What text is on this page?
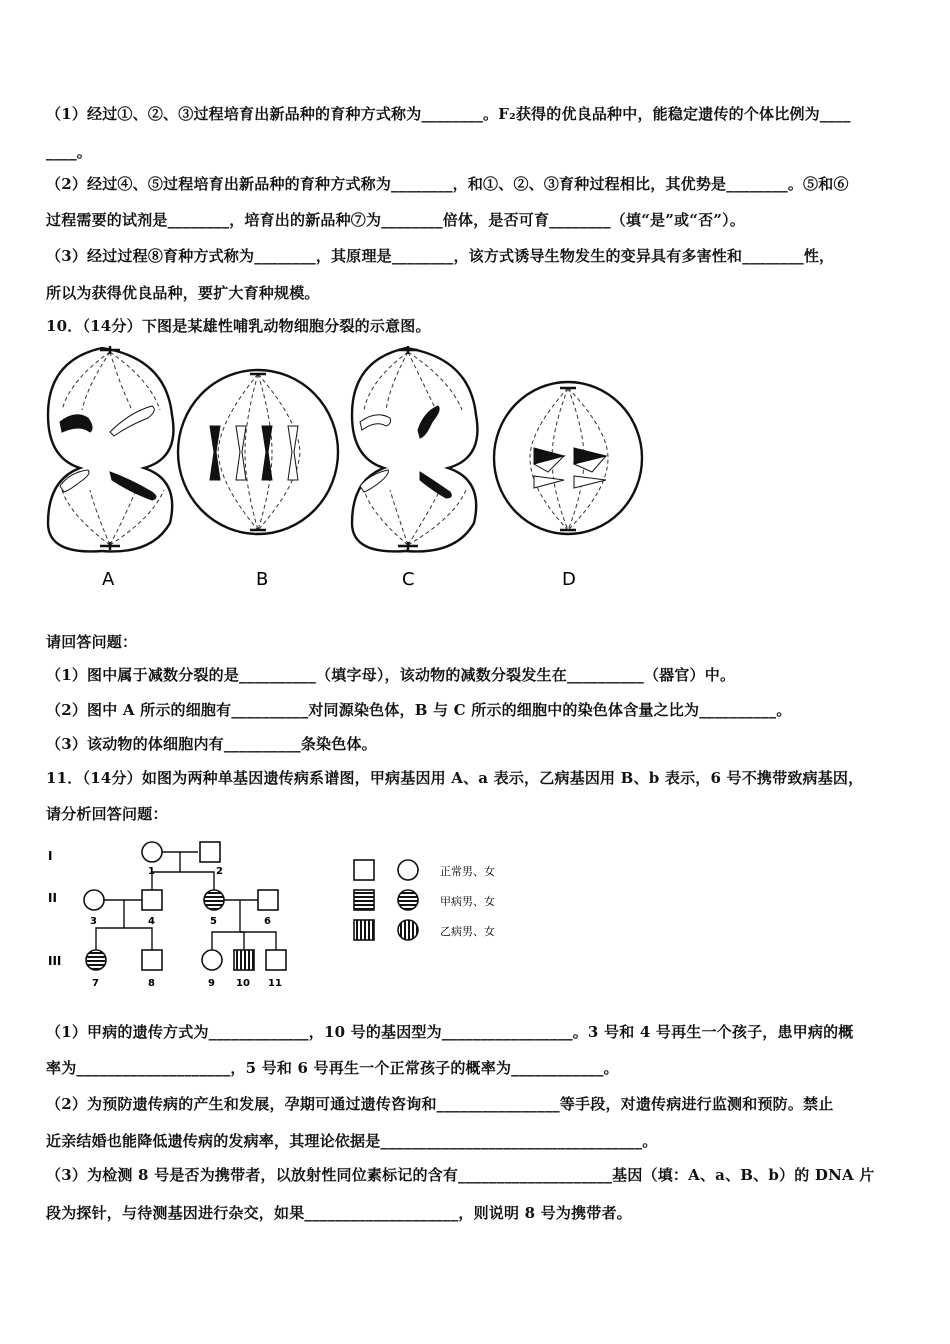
（1）经过①、②、③过程培育出新品种的育种方式称为________。F₂获得的优良品种中，能稳定遗传的个体比例为____
____。
（2）经过④、⑤过程培育出新品种的育种方式称为________，和①、②、③育种过程相比，其优势是________。⑤和⑥
过程需要的试剂是________，培育出的新品种⑦为________倍体，是否可育________（填“是”或“否”）。
（3）经过过程⑧育种方式称为________，其原理是________，该方式诱导生物发生的变异具有多害性和________性，
所以为获得优良品种，要扩大育种规模。
10．（14分）下图是某雄性哺乳动物细胞分裂的示意图。
A	B	C	D
请回答问题：
（1）图中属于减数分裂的是__________（填字母），该动物的减数分裂发生在__________（器官）中。
（2）图中 A 所示的细胞有__________对同源染色体，B 与 C 所示的细胞中的染色体含量之比为__________。
（3）该动物的体细胞内有__________条染色体。
11．（14分）如图为两种单基因遗传病系谱图，甲病基因用 A、a 表示，乙病基因用 B、b 表示，6 号不携带致病基因，
请分析回答问题：
I
II
III
1	2
3	4	5	6
7	8	9 10 11
正常男、女
甲病男、女
乙病男、女
（1）甲病的遗传方式为_____________，10 号的基因型为_________________。3 号和 4 号再生一个孩子，患甲病的概
率为____________________，5 号和 6 号再生一个正常孩子的概率为____________。
（2）为预防遗传病的产生和发展，孕期可通过遗传咨询和________________等手段，对遗传病进行监测和预防。禁止
近亲结婚也能降低遗传病的发病率，其理论依据是__________________________________。
（3）为检测 8 号是否为携带者，以放射性同位素标记的含有____________________基因（填：A、a、B、b）的 DNA 片
段为探针，与待测基因进行杂交，如果____________________，则说明 8 号为携带者。
